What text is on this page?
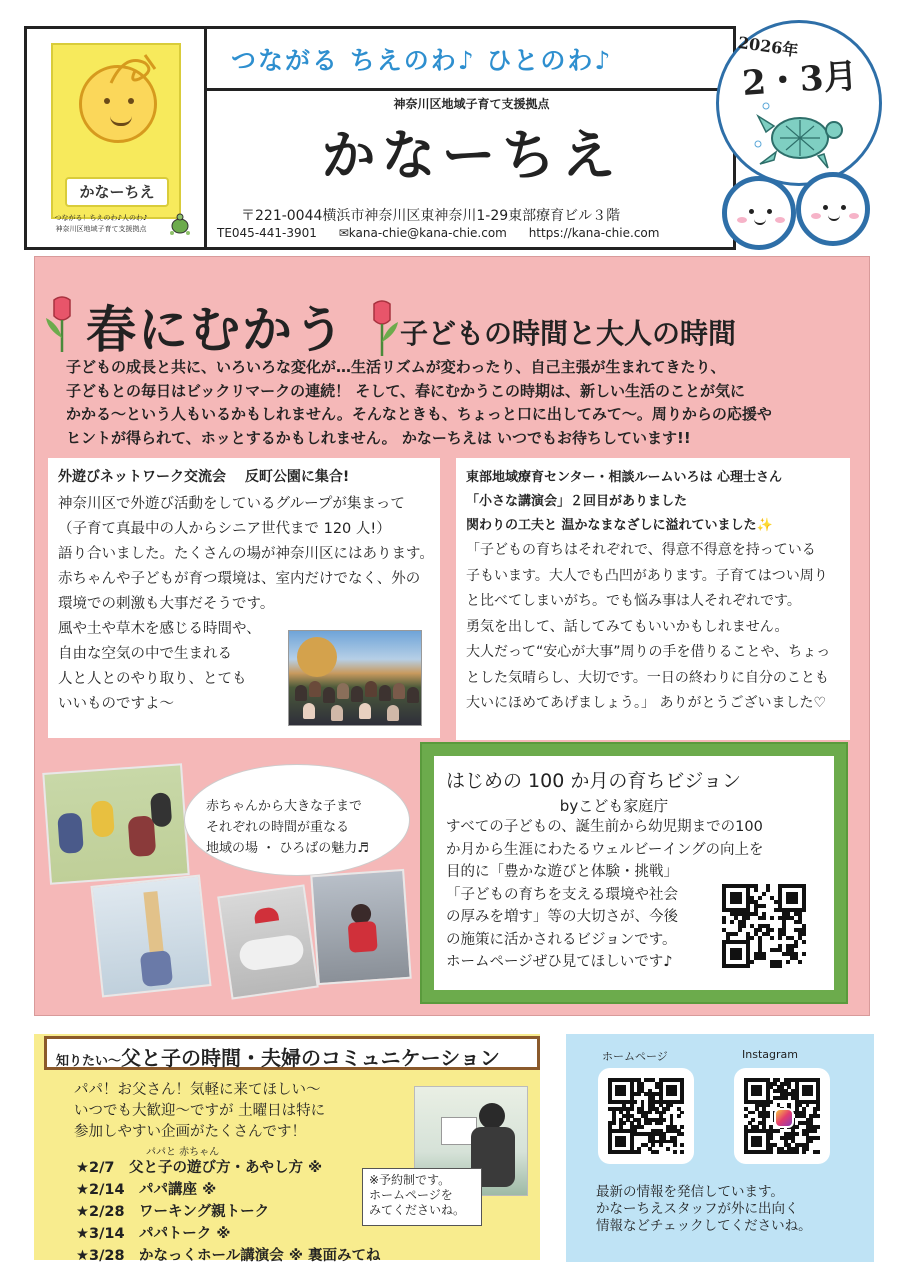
かなーちえ
つながる！ちえのわ♪人のわ♪
神奈川区地域子育て支援拠点
つながる ちえのわ♪ ひとのわ♪
神奈川区地域子育て支援拠点
かなーちえ
〒221-0044横浜市神奈川区東神奈川1-29東部療育ビル３階
TE045-441-3901 ✉kana-chie@kana-chie.com https://kana-chie.com
2026年
2・3月
春にむかう 子どもの時間と大人の時間

子どもの成長と共に、いろいろな変化が…生活リズムが変わったり、自己主張が生まれてきたり、

子どもとの毎日はビックリマークの連続！ そして、春にむかうこの時期は、新しい生活のことが気に

かかる～という人もいるかもしれません。そんなときも、ちょっと口に出してみて～。周りからの応援や

ヒントが得られて、ホッとするかもしれません。 かなーちえは いつでもお待ちしています!!

外遊びネットワーク交流会　 反町公園に集合!

神奈川区で外遊び活動をしているグループが集まって

（子育て真最中の人からシニア世代まで 120 人!）

語り合いました。たくさんの場が神奈川区にはあります。

赤ちゃんや子どもが育つ環境は、室内だけでなく、外の

環境での刺激も大事だそうです。

風や土や草木を感じる時間や、

自由な空気の中で生まれる

人と人とのやり取り、とても

いいものですよ～

東部地域療育センター・相談ルームいろは 心理士さん

「小さな講演会」２回目がありました

関わりの工夫と 温かなまなざしに溢れていました✨

「子どもの育ちはそれぞれで、得意不得意を持っている

子もいます。大人でも凸凹があります。子育てはつい周り

と比べてしまいがち。でも悩み事は人それぞれです。

勇気を出して、話してみてもいいかもしれません。

大人だって“安心が大事”周りの手を借りることや、ちょっ

とした気晴らし、大切です。一日の終わりに自分のことも

大いにほめてあげましょう。」 ありがとうございました♡

赤ちゃんから大きな子まで

それぞれの時間が重なる

地域の場 ・ ひろばの魅力♬

はじめの 100 か月の育ちビジョン

byこども家庭庁

すべての子どもの、誕生前から幼児期までの100

か月から生涯にわたるウェルビーイングの向上を

目的に「豊かな遊びと体験・挑戦」

「子どもの育ちを支える環境や社会

の厚みを増す」等の大切さが、今後

の施策に活かされるビジョンです。

ホームページぜひ見てほしいです♪

知りたい～父と子の時間・夫婦のコミュニケーション

パパ！お父さん！気軽に来てほしい～

いつでも大歓迎～ですが 土曜日は特に

参加しやすい企画がたくさんです！

パパと 赤ちゃん
★2/7　父と子の遊び方・あやし方 ※
★2/14　パパ講座 ※
★2/28　ワーキング親トーク
★3/14　パパトーク ※
★3/28　かなっくホール講演会 ※ 裏面みてね

※予約制です。

ホームページを

みてくださいね。

ホームページ	Instagram

最新の情報を発信しています。

かなーちえスタッフが外に出向く

情報などチェックしてくださいね。
